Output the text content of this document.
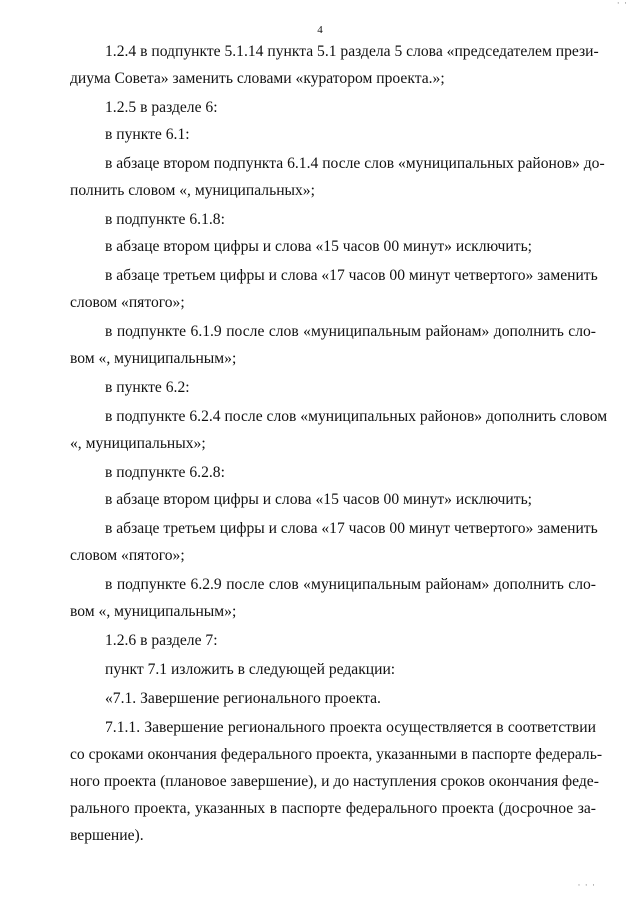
4
· ·
· · ·
1.2.4 в подпункте 5.1.14 пункта 5.1 раздела 5 слова «председателем прези-
диума Совета» заменить словами «куратором проекта.»;
1.2.5 в разделе 6:
в пункте 6.1:
в абзаце втором подпункта 6.1.4 после слов «муниципальных районов» до-
полнить словом «, муниципальных»;
в подпункте 6.1.8:
в абзаце втором цифры и слова «15 часов 00 минут» исключить;
в абзаце третьем цифры и слова «17 часов 00 минут четвертого» заменить
словом «пятого»;
в подпункте 6.1.9 после слов «муниципальным районам» дополнить сло-
вом «, муниципальным»;
в пункте 6.2:
в подпункте 6.2.4 после слов «муниципальных районов» дополнить словом
«, муниципальных»;
в подпункте 6.2.8:
в абзаце втором цифры и слова «15 часов 00 минут» исключить;
в абзаце третьем цифры и слова «17 часов 00 минут четвертого» заменить
словом «пятого»;
в подпункте 6.2.9 после слов «муниципальным районам» дополнить сло-
вом «, муниципальным»;
1.2.6 в разделе 7:
пункт 7.1 изложить в следующей редакции:
«7.1. Завершение регионального проекта.
7.1.1. Завершение регионального проекта осуществляется в соответствии
со сроками окончания федерального проекта, указанными в паспорте федераль-
ного проекта (плановое завершение), и до наступления сроков окончания феде-
рального проекта, указанных в паспорте федерального проекта (досрочное за-
вершение).
